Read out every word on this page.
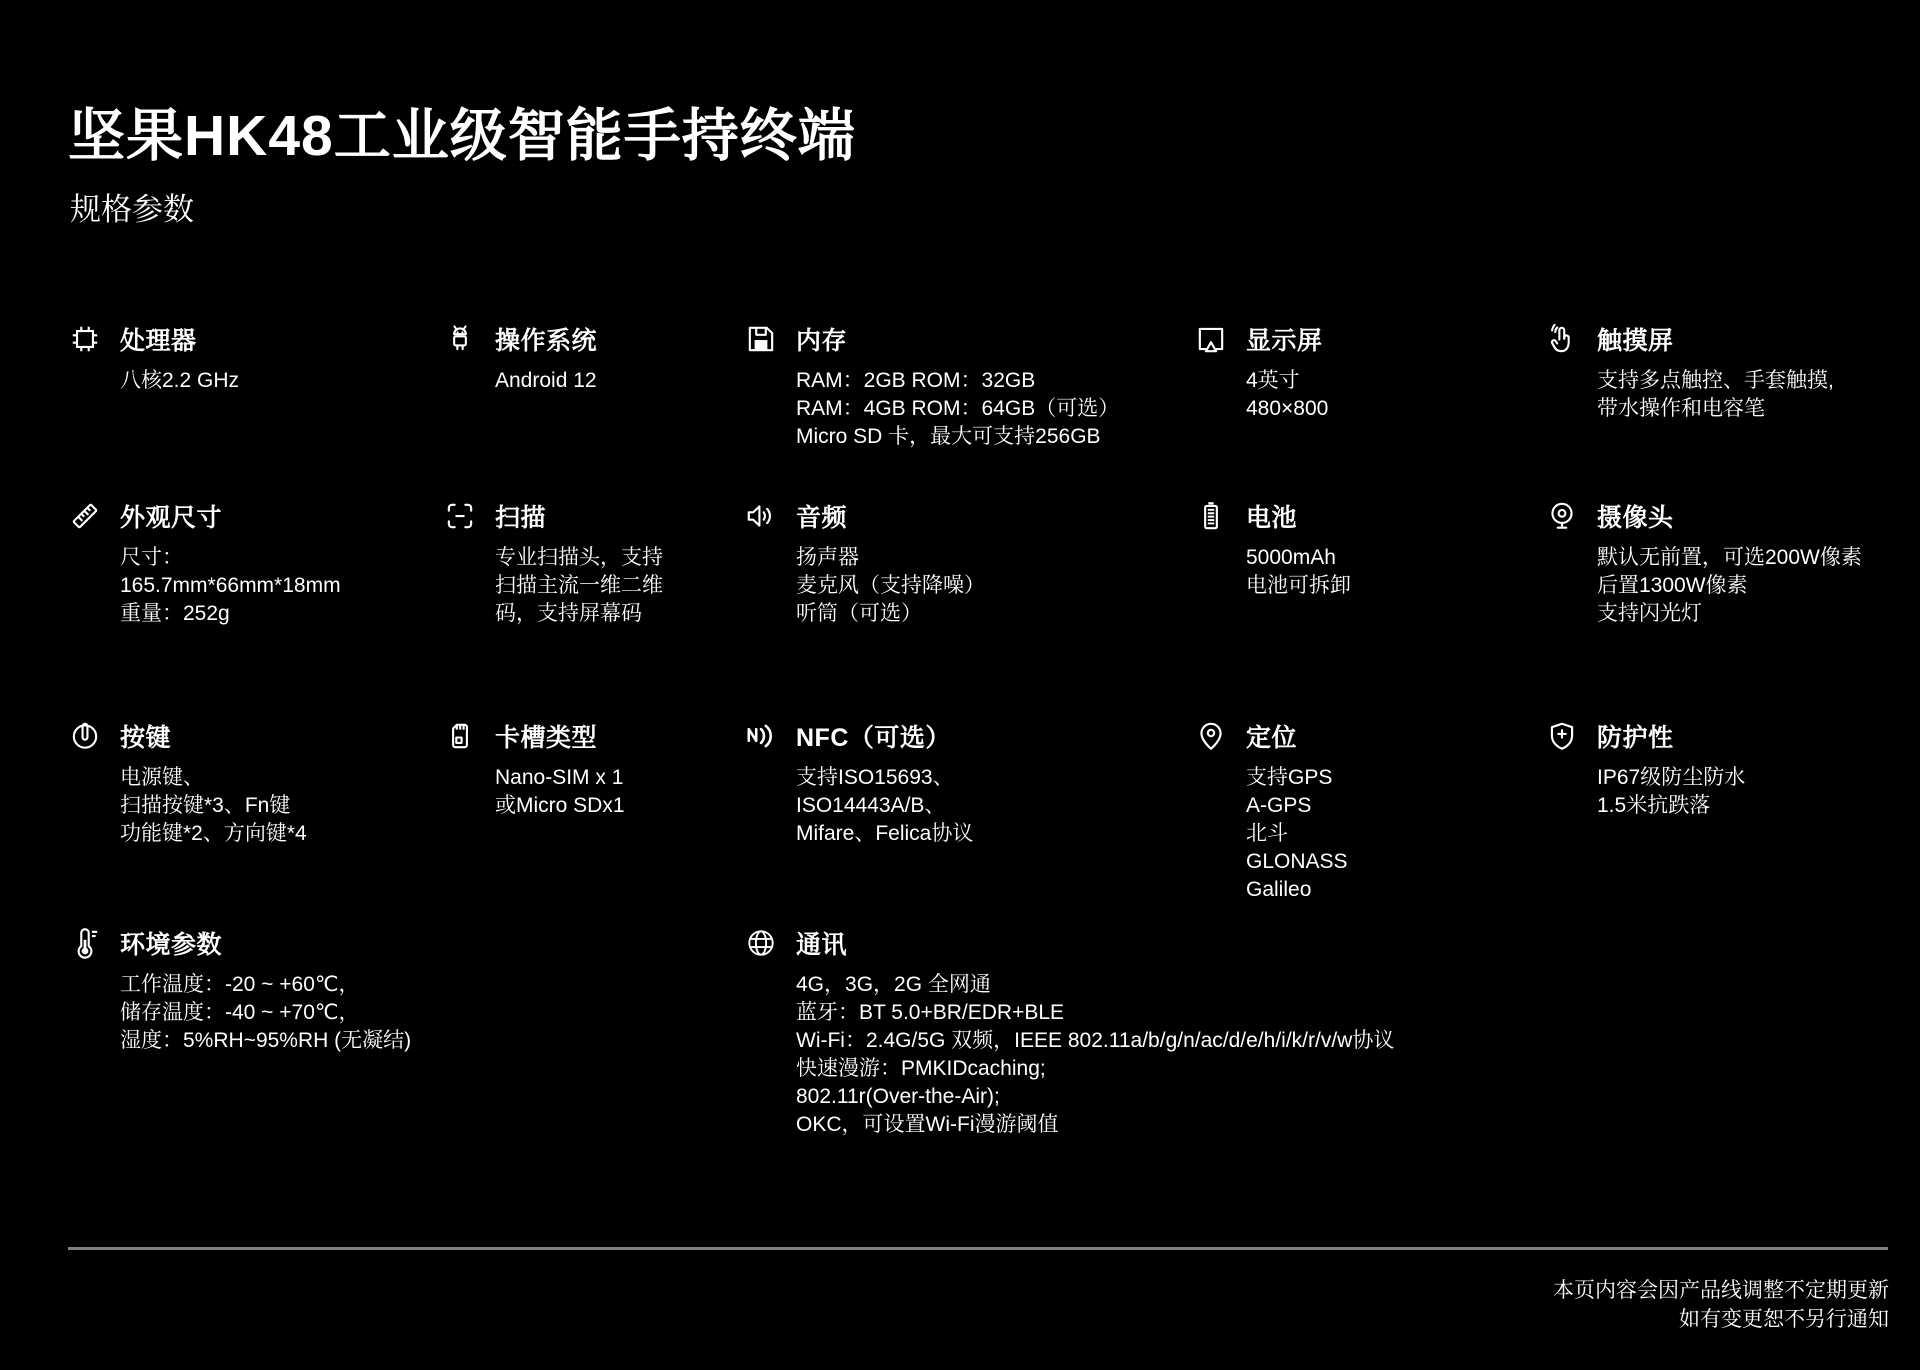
坚果HK48工业级智能手持终端
规格参数
处理器
八核2.2 GHz
操作系统
Android 12
内存
RAM：2GB ROM：32GB
RAM：4GB ROM：64GB（可选）
Micro SD 卡，最大可支持256GB
显示屏
4英寸
480×800
触摸屏
支持多点触控、手套触摸,
带水操作和电容笔
外观尺寸
尺寸：
165.7mm*66mm*18mm
重量：252g
扫描
专业扫描头，支持
扫描主流一维二维
码，支持屏幕码
音频
扬声器
麦克风（支持降噪）
听筒（可选）
电池
5000mAh
电池可拆卸
摄像头
默认无前置，可选200W像素
后置1300W像素
支持闪光灯
按键
电源键、
扫描按键*3、Fn键
功能键*2、方向键*4
卡槽类型
Nano-SIM x 1
或Micro SDx1
NFC（可选）
支持ISO15693、
ISO14443A/B、
Mifare、Felica协议
定位
支持GPS
A-GPS
北斗
GLONASS
Galileo
防护性
IP67级防尘防水
1.5米抗跌落
环境参数
工作温度：-20 ~ +60℃，
储存温度：-40 ~ +70℃，
湿度：5%RH~95%RH (无凝结)
通讯
4G，3G，2G 全网通
蓝牙：BT 5.0+BR/EDR+BLE
Wi-Fi：2.4G/5G 双频，IEEE 802.11a/b/g/n/ac/d/e/h/i/k/r/v/w协议
快速漫游：PMKIDcaching;
802.11r(Over-the-Air);
OKC，可设置Wi-Fi漫游阈值
本页内容会因产品线调整不定期更新
如有变更恕不另行通知
